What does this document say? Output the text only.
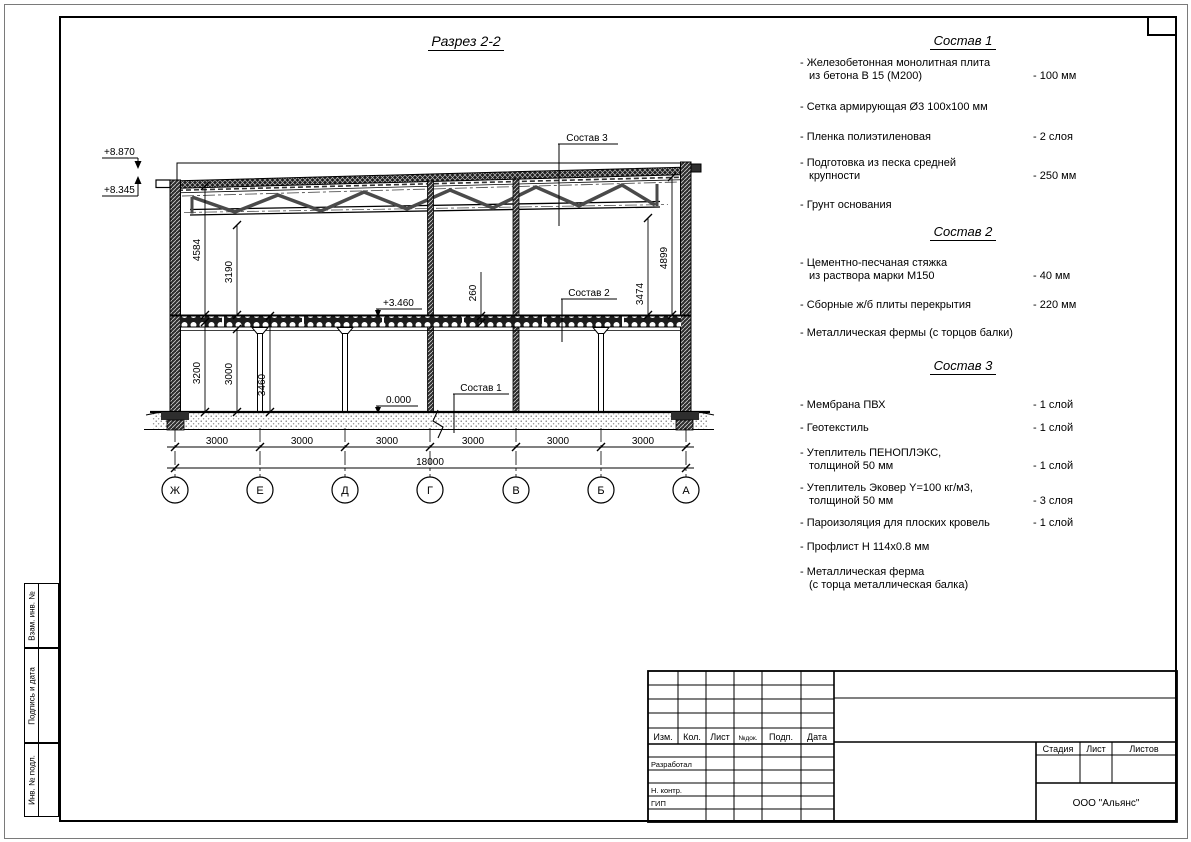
Взам. инв. №
Подпись и дата
Инв. № подл.
Разрез 2-2	Состав 1
- Железобетонная монолитная плита
из бетона В 15 (М200)	- 100 мм
- Сетка армирующая Ø3 100х100 мм
- Пленка полиэтиленовая	- 2 слоя
- Подготовка из песка средней
крупности	- 250 мм
- Грунт основания
Состав 2
- Цементно-песчаная стяжка
из раствора марки М150	- 40 мм
- Сборные ж/б плиты перекрытия	- 220 мм
- Металлическая фермы (с торцов балки)
Состав 3
- Мембрана ПВХ	- 1 слой
- Геотекстиль	- 1 слой
- Утеплитель ПЕНОПЛЭКС,
толщиной 50 мм	- 1 слой
- Утеплитель Эковер Y=100 кг/м3,
толщиной 50 мм	- 3 слоя
- Пароизоляция для плоских кровель	- 1 слой
- Профлист Н 114х0.8 мм
- Металлическая ферма
(с торца металлическая балка)
+8.870
+8.345
+3.460
0.000
Состав 3
Состав 2
Состав 1
4584
3190
3200 3000 3460
260	3474
4899
3000	3000	3000	3000	3000	3000
18000
Ж	Е	Д	Г	В	Б	А
Изм. Кол. Лист №док. Подп. Дата
Разработал
Н. контр.
ГИП
Стадия Лист	Листов
ООО "Альянс"
